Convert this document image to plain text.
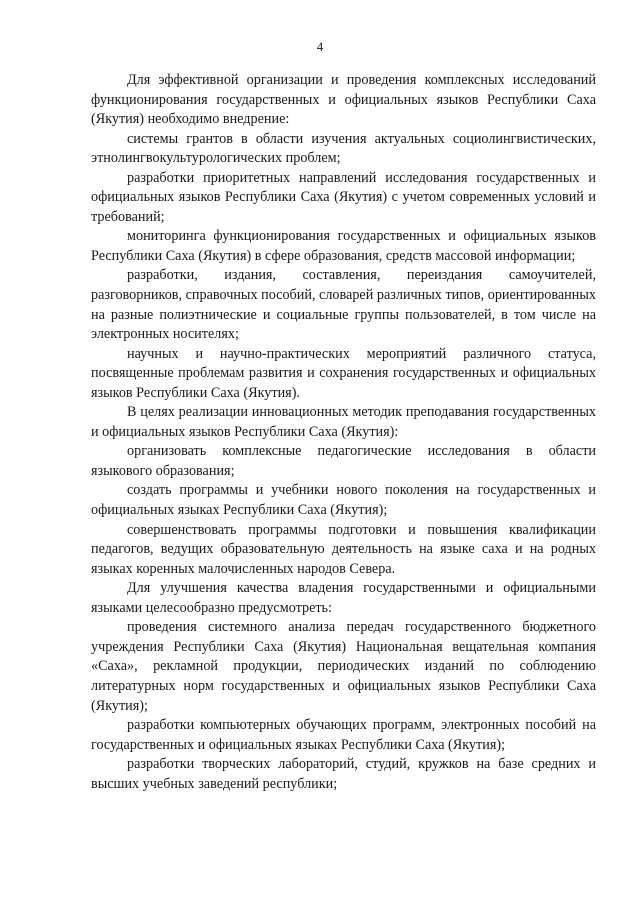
4

Для эффективной организации и проведения комплексных исследований функционирования государственных и официальных языков Республики Саха (Якутия) необходимо внедрение:

системы грантов в области изучения актуальных социолингвистических, этнолингвокультурологических проблем;

разработки приоритетных направлений исследования государственных и официальных языков Республики Саха (Якутия) с учетом современных условий и требований;

мониторинга функционирования государственных и официальных языков Республики Саха (Якутия) в сфере образования, средств массовой информации;

разработки, издания, составления, переиздания самоучителей, разговорников, справочных пособий, словарей различных типов, ориентированных на разные полиэтнические и социальные группы пользователей, в том числе на электронных носителях;

научных и научно-практических мероприятий различного статуса, посвященные проблемам развития и сохранения государственных и официальных языков Республики Саха (Якутия).

В целях реализации инновационных методик преподавания государственных и официальных языков Республики Саха (Якутия):

организовать комплексные педагогические исследования в области языкового образования;

создать программы и учебники нового поколения на государственных и официальных языках Республики Саха (Якутия);

совершенствовать программы подготовки и повышения квалификации педагогов, ведущих образовательную деятельность на языке саха и на родных языках коренных малочисленных народов Севера.

Для улучшения качества владения государственными и официальными языками целесообразно предусмотреть:

проведения системного анализа передач государственного бюджетного учреждения Республики Саха (Якутия) Национальная вещательная компания «Саха», рекламной продукции, периодических изданий по соблюдению литературных норм государственных и официальных языков Республики Саха (Якутия);

разработки компьютерных обучающих программ, электронных пособий на государственных и официальных языках Республики Саха (Якутия);

разработки творческих лабораторий, студий, кружков на базе средних и высших учебных заведений республики;
